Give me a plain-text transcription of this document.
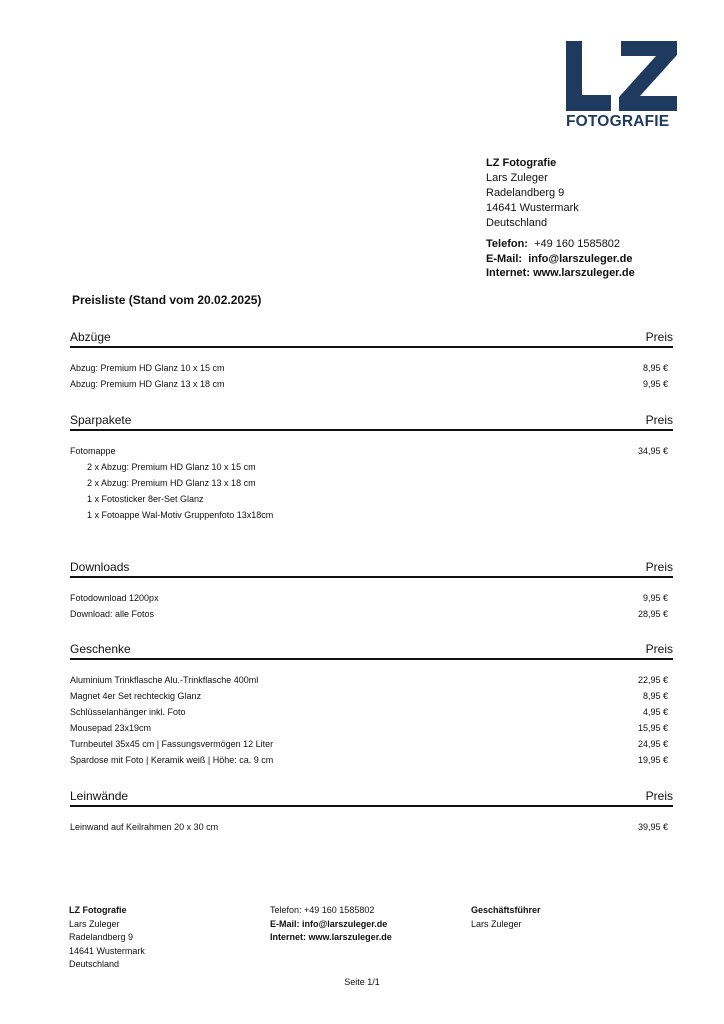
FOTOGRAFIE
LZ Fotografie
Lars Zuleger
Radelandberg 9
14641 Wustermark
Deutschland
Telefon: +49 160 1585802
E-Mail: info@larszuleger.de
Internet: www.larszuleger.de
Preisliste (Stand vom 20.02.2025)
Abzüge	Preis
Abzug: Premium HD Glanz 10 x 15 cm	8,95 €
Abzug: Premium HD Glanz 13 x 18 cm	9,95 €
Sparpakete	Preis
Fotomappe	34,95 €
2 x Abzug: Premium HD Glanz 10 x 15 cm
2 x Abzug: Premium HD Glanz 13 x 18 cm
1 x Fotosticker 8er-Set Glanz
1 x Fotoappe Wal-Motiv Gruppenfoto 13x18cm
Downloads	Preis
Fotodownload 1200px	9,95 €
Download: alle Fotos	28,95 €
Geschenke	Preis
Aluminium Trinkflasche Alu.-Trinkflasche 400ml	22,95 €
Magnet 4er Set rechteckig Glanz	8,95 €
Schlüsselanhänger inkl. Foto	4,95 €
Mousepad 23x19cm	15,95 €
Turnbeutel 35x45 cm | Fassungsvermögen 12 Liter	24,95 €
Spardose mit Foto | Keramik weiß | Höhe: ca. 9 cm	19,95 €
Leinwände	Preis
Leinwand auf Keilrahmen 20 x 30 cm	39,95 €
LZ Fotografie
Lars Zuleger
Radelandberg 9
14641 Wustermark
Deutschland
Telefon: +49 160 1585802
E-Mail: info@larszuleger.de
Internet: www.larszuleger.de
Geschäftsführer
Lars Zuleger
Seite 1/1
